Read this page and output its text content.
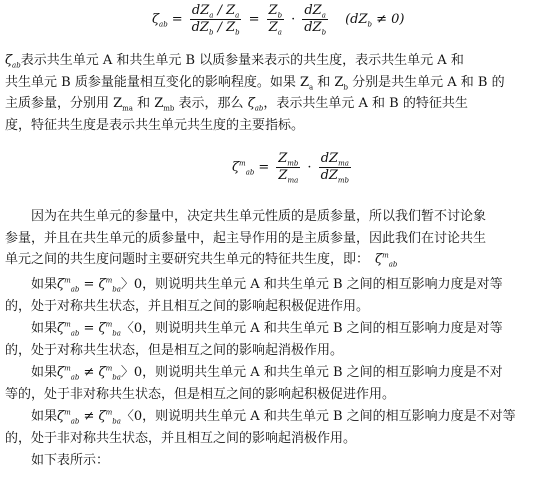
$\zeta_{ab} = \frac{dZ_a / Z_a}{dZ_b / Z_b} = \frac{Z_b}{Z_a} \cdot \frac{dZ_a}{dZ_b} (dZ_b \ne 0)$
$\zeta_{ab}$表示共生单元 A 和共生单元 B 以质参量来表示的共生度，表示共生单元 A 和
共生单元 B 质参量能量相互变化的影响程度。如果 $Z_a$ 和 $Z_b$ 分别是共生单元 A 和 B 的
主质参量，分别用 $Z_{ma}$ 和 $Z_{mb}$ 表示，那么 $\zeta_{ab}$，表示共生单元 A 和 B 的特征共生
度，特征共生度是表示共生单元共生度的主要指标。
$\zeta^m_{ab} = \frac{Z_{mb}}{Z_{ma}} \cdot \frac{dZ_{ma}}{dZ_{mb}}$
因为在共生单元的参量中，决定共生单元性质的是质参量，所以我们暂不讨论象
参量，并且在共生单元的质参量中，起主导作用的是主质参量，因此我们在讨论共生
单元之间的共生度问题时主要研究共生单元的特征共生度，即： $\zeta^m_{ab}$
如果$\zeta^m_{ab} = \zeta^m_{ba}$〉0，则说明共生单元 A 和共生单元 B 之间的相互影响力度是对等
的，处于对称共生状态，并且相互之间的影响起积极促进作用。
如果$\zeta^m_{ab} = \zeta^m_{ba}$〈0，则说明共生单元 A 和共生单元 B 之间的相互影响力度是对等
的，处于对称共生状态，但是相互之间的影响起消极作用。
如果$\zeta^m_{ab} \ne \zeta^m_{ba}$〉0，则说明共生单元 A 和共生单元 B 之间的相互影响力度是不对
等的，处于非对称共生状态，但是相互之间的影响起积极促进作用。
如果$\zeta^m_{ab} \ne \zeta^m_{ba}$〈0，则说明共生单元 A 和共生单元 B 之间的相互影响力度是不对等
的，处于非对称共生状态，并且相互之间的影响起消极作用。
如下表所示：
